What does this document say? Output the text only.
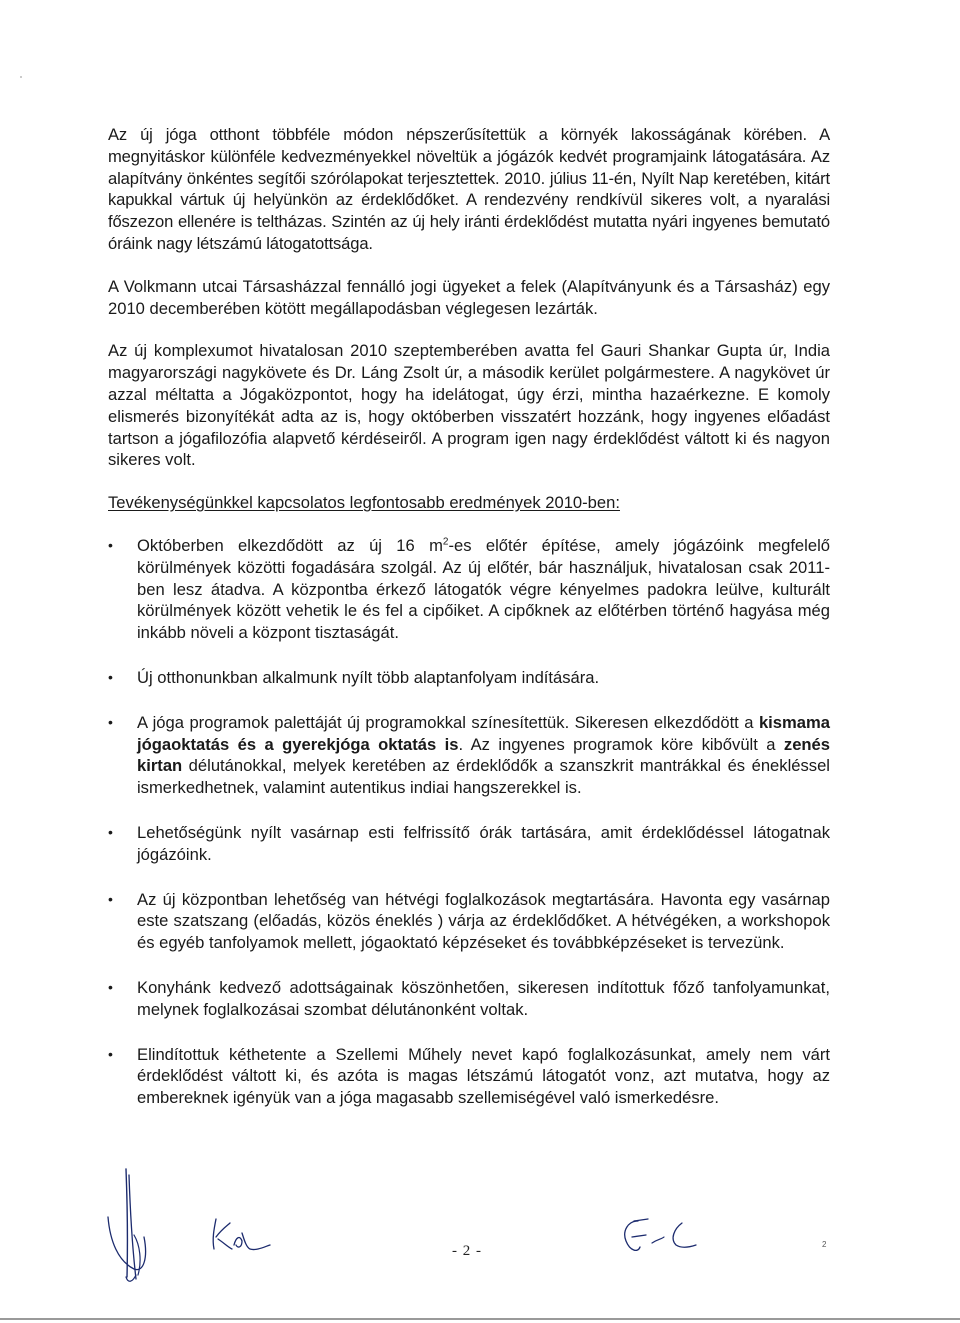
Az új jóga otthont többféle módon népszerűsítettük a környék lakosságának körében. A megnyitáskor különféle kedvezményekkel növeltük a jógázók kedvét programjaink látogatására. Az alapítvány önkéntes segítői szórólapokat terjesztettek. 2010. július 11-én, Nyílt Nap keretében, kitárt kapukkal vártuk új helyünkön az érdeklődőket. A rendezvény rendkívül sikeres volt, a nyaralási főszezon ellenére is teltházas. Szintén az új hely iránti érdeklődést mutatta nyári ingyenes bemutató óráink nagy létszámú látogatottsága.

A Volkmann utcai Társasházzal fennálló jogi ügyeket a felek (Alapítványunk és a Társasház) egy 2010 decemberében kötött megállapodásban véglegesen lezárták.

Az új komplexumot hivatalosan 2010 szeptemberében avatta fel Gauri Shankar Gupta úr, India magyarországi nagykövete és Dr. Láng Zsolt úr, a második kerület polgármestere. A nagykövet úr azzal méltatta a Jógaközpontot, hogy ha idelátogat, úgy érzi, mintha hazaérkezne. E komoly elismerés bizonyítékát adta az is, hogy októberben visszatért hozzánk, hogy ingyenes előadást tartson a jógafilozófia alapvető kérdéseiről. A program igen nagy érdeklődést váltott ki és nagyon sikeres volt.

Tevékenységünkkel kapcsolatos legfontosabb eredmények 2010-ben:

•
Októberben elkezdődött az új 16 $m^2-es$ előtér építése, amely jógázóink megfelelő körülmények közötti fogadására szolgál. Az új előtér, bár használjuk, hivatalosan csak 2011-ben lesz átadva. A központba érkező látogatók végre kényelmes padokra leülve, kulturált körülmények között vehetik le és fel a cipőiket. A cipőknek az előtérben történő hagyása még inkább növeli a központ tisztaságát.
•
Új otthonunkban alkalmunk nyílt több alaptanfolyam indítására.
•
A jóga programok palettáját új programokkal színesítettük. Sikeresen elkezdődött a kismama jógaoktatás és a gyerekjóga oktatás is. Az ingyenes programok köre kibővült a zenés kirtan délutánokkal, melyek keretében az érdeklődők a szanszkrit mantrákkal és énekléssel ismerkedhetnek, valamint autentikus indiai hangszerekkel is.
•
Lehetőségünk nyílt vasárnap esti felfrissítő órák tartására, amit érdeklődéssel látogatnak jógázóink.
•
Az új központban lehetőség van hétvégi foglalkozások megtartására. Havonta egy vasárnap este szatszang (előadás, közös éneklés ) várja az érdeklődőket. A hétvégéken, a workshopok és egyéb tanfolyamok mellett, jógaoktató képzéseket és továbbképzéseket is tervezünk.
•
Konyhánk kedvező adottságainak köszönhetően, sikeresen indítottuk főző tanfolyamunkat, melynek foglalkozásai szombat délutánonként voltak.
•
Elindítottuk kéthetente a Szellemi Műhely nevet kapó foglalkozásunkat, amely nem várt érdeklődést váltott ki, és azóta is magas létszámú látogatót vonz, azt mutatva, hogy az embereknek igényük van a jóga magasabb szellemiségével való ismerkedésre.
- 2 -	2
